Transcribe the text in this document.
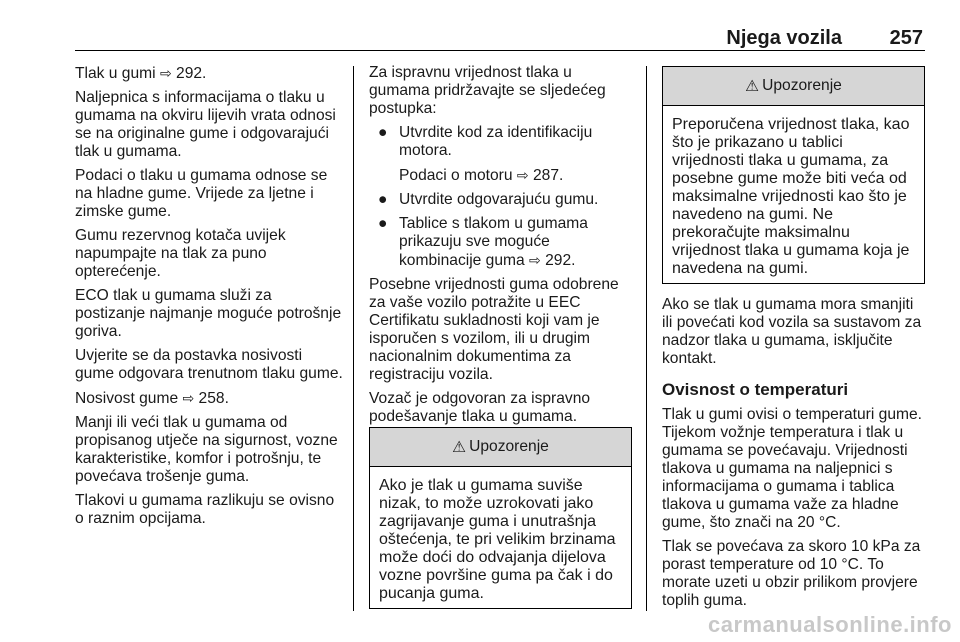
Njega vozila 257

Tlak u gumi ⇨ 292.

Naljepnica s informacijama o tlaku u gumama na okviru lijevih vrata odnosi se na originalne gume i odgovarajući tlak u gumama.

Podaci o tlaku u gumama odnose se na hladne gume. Vrijede za ljetne i zimske gume.

Gumu rezervnog kotača uvijek napumpajte na tlak za puno opterećenje.

ECO tlak u gumama služi za postizanje najmanje moguće potrošnje goriva.

Uvjerite se da postavka nosivosti gume odgovara trenutnom tlaku gume.

Nosivost gume ⇨ 258.

Manji ili veći tlak u gumama od propisanog utječe na sigurnost, vozne karakteristike, komfor i potrošnju, te povećava trošenje guma.

Tlakovi u gumama razlikuju se ovisno o raznim opcijama.

Za ispravnu vrijednost tlaka u gumama pridržavajte se sljedećeg postupka:

● Utvrdite kod za identifikaciju motora.

Podaci o motoru ⇨ 287.

● Utvrdite odgovarajuću gumu.
● Tablice s tlakom u gumama prikazuju sve moguće kombinacije guma ⇨ 292.

Posebne vrijednosti guma odobrene za vaše vozilo potražite u EEC Certifikatu sukladnosti koji vam je isporučen s vozilom, ili u drugim nacionalnim dokumentima za registraciju vozila.

Vozač je odgovoran za ispravno podešavanje tlaka u gumama.

⚠ Upozorenje

Ako je tlak u gumama suviše nizak, to može uzrokovati jako zagrijavanje guma i unutrašnja oštećenja, te pri velikim brzinama može doći do odvajanja dijelova vozne površine guma pa čak i do pucanja guma.

⚠ Upozorenje

Preporučena vrijednost tlaka, kao što je prikazano u tablici vrijednosti tlaka u gumama, za posebne gume može biti veća od maksimalne vrijednosti kao što je navedeno na gumi. Ne prekoračujte maksimalnu vrijednost tlaka u gumama koja je navedena na gumi.

Ako se tlak u gumama mora smanjiti ili povećati kod vozila sa sustavom za nadzor tlaka u gumama, isključite kontakt.

Ovisnost o temperaturi

Tlak u gumi ovisi o temperaturi gume. Tijekom vožnje temperatura i tlak u gumama se povećavaju. Vrijednosti tlakova u gumama na naljepnici s informacijama o gumama i tablica tlakova u gumama važe za hladne gume, što znači na 20 °C.

Tlak se povećava za skoro 10 kPa za porast temperature od 10 °C. To morate uzeti u obzir prilikom provjere toplih guma.

carmanualsonline.info
